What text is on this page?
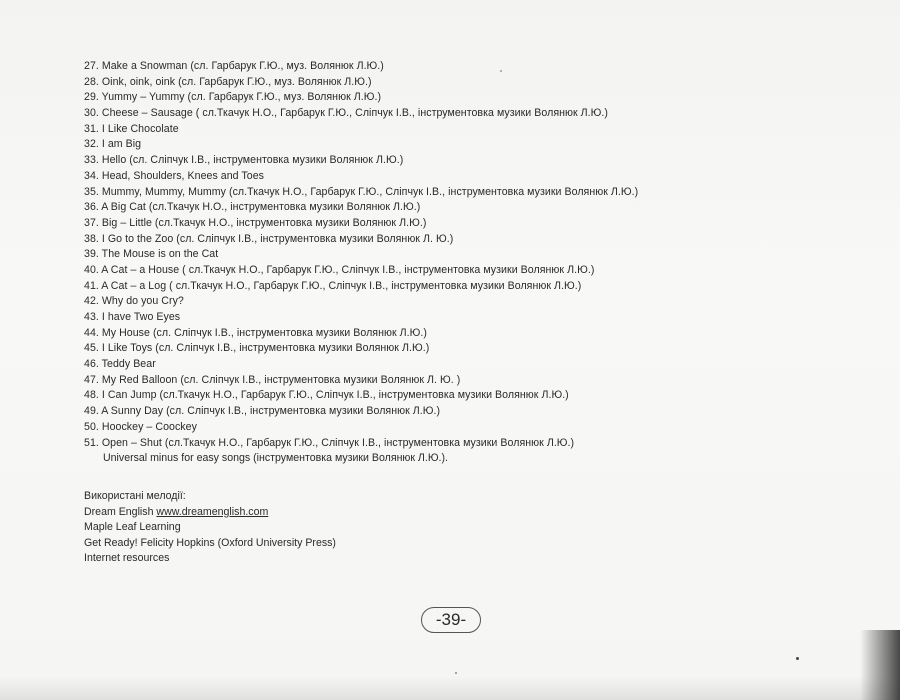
27. Make a Snowman (сл. Гарбарук Г.Ю., муз. Волянюк Л.Ю.)
28. Oink, oink, oink (сл. Гарбарук Г.Ю., муз. Волянюк Л.Ю.)
29. Yummy – Yummy (сл. Гарбарук Г.Ю., муз. Волянюк Л.Ю.)
30. Cheese – Sausage ( сл.Ткачук Н.О., Гарбарук Г.Ю., Сліпчук І.В., інструментовка музики Волянюк Л.Ю.)
31. I Like Chocolate
32. I am Big
33. Hello (сл. Сліпчук І.В., інструментовка музики Волянюк Л.Ю.)
34. Head, Shoulders, Knees and Toes
35. Mummy, Mummy, Mummy (сл.Ткачук Н.О., Гарбарук Г.Ю., Сліпчук І.В., інструментовка музики Волянюк Л.Ю.)
36. A Big Cat (сл.Ткачук Н.О., інструментовка музики Волянюк Л.Ю.)
37. Big – Little (сл.Ткачук Н.О., інструментовка музики Волянюк Л.Ю.)
38. I Go to the Zoo (сл. Сліпчук І.В., інструментовка музики Волянюк Л. Ю.)
39. The Mouse is on the Cat
40. A Cat – a House ( сл.Ткачук Н.О., Гарбарук Г.Ю., Сліпчук І.В., інструментовка музики Волянюк Л.Ю.)
41. A Cat – a Log ( сл.Ткачук Н.О., Гарбарук Г.Ю., Сліпчук І.В., інструментовка музики Волянюк Л.Ю.)
42. Why do you Cry?
43. I have Two Eyes
44. My House (сл. Сліпчук І.В., інструментовка музики Волянюк Л.Ю.)
45. I Like Toys (сл. Сліпчук І.В., інструментовка музики Волянюк Л.Ю.)
46. Teddy Bear
47. My Red Balloon (сл. Сліпчук І.В., інструментовка музики Волянюк Л. Ю. )
48. I Can Jump (сл.Ткачук Н.О., Гарбарук Г.Ю., Сліпчук І.В., інструментовка музики Волянюк Л.Ю.)
49. A Sunny Day (сл. Сліпчук І.В., інструментовка музики Волянюк Л.Ю.)
50. Hoockey – Coockey
51. Open – Shut (сл.Ткачук Н.О., Гарбарук Г.Ю., Сліпчук І.В., інструментовка музики Волянюк Л.Ю.)
Universal minus for easy songs (інструментовка музики Волянюк Л.Ю.).
Використані мелодії:
Dream English www.dreamenglish.com
Maple Leaf Learning
Get Ready! Felicity Hopkins (Oxford University Press)
Internet resources
-39-
